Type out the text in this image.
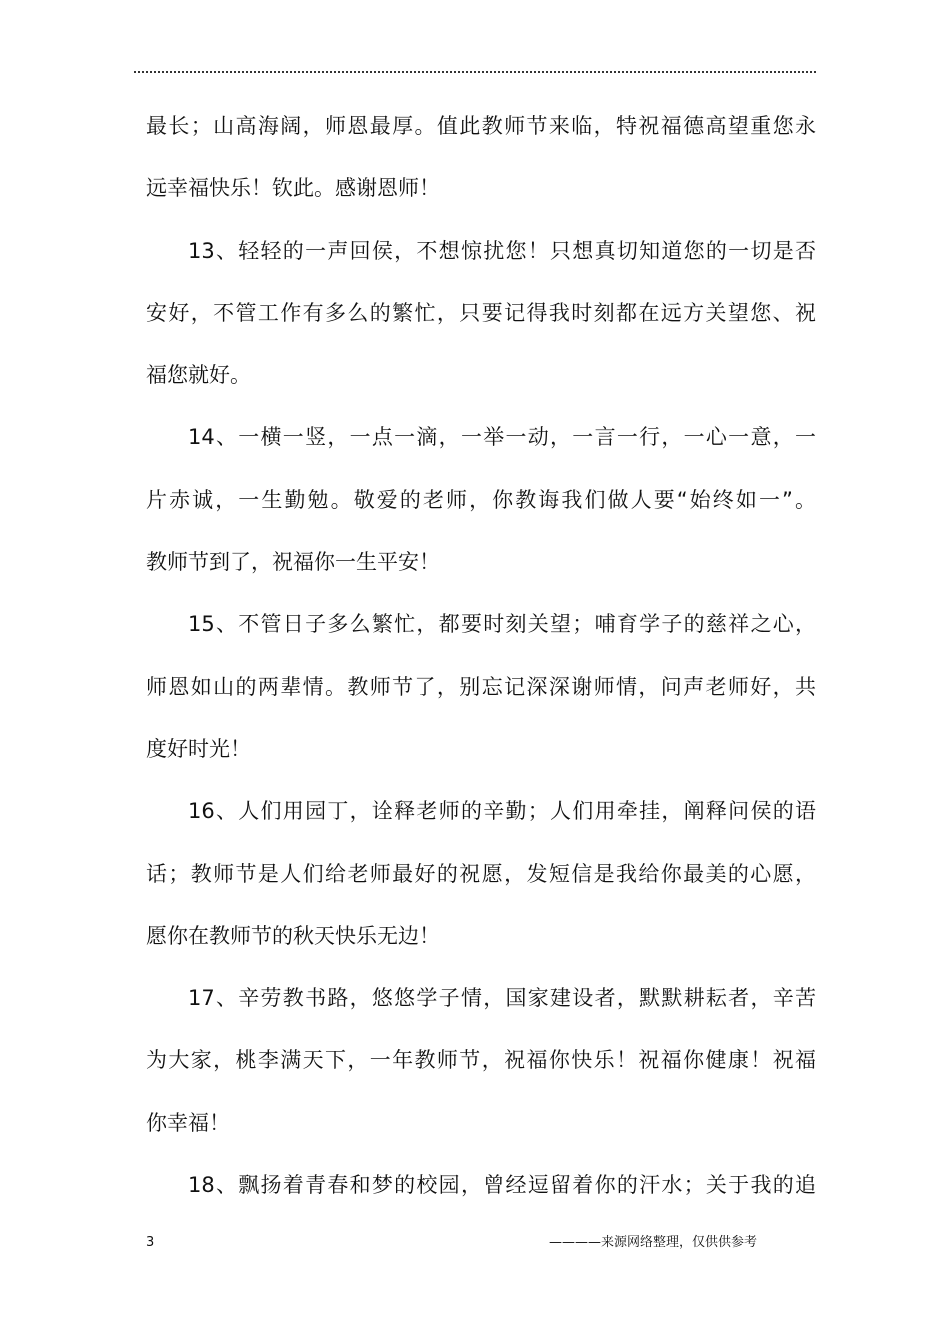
最长；山高海阔，师恩最厚。值此教师节来临，特祝福德高望重您永
远幸福快乐！钦此。感谢恩师！
13、轻轻的一声回侯，不想惊扰您！只想真切知道您的一切是否
安好，不管工作有多么的繁忙，只要记得我时刻都在远方关望您、祝
福您就好。
14、一横一竖，一点一滴，一举一动，一言一行，一心一意，一
片赤诚，一生勤勉。敬爱的老师，你教诲我们做人要“始终如一”。
教师节到了，祝福你一生平安！
15、不管日子多么繁忙，都要时刻关望；哺育学子的慈祥之心，
师恩如山的两辈情。教师节了，别忘记深深谢师情，问声老师好，共
度好时光！
16、人们用园丁，诠释老师的辛勤；人们用牵挂，阐释问侯的语
话；教师节是人们给老师最好的祝愿，发短信是我给你最美的心愿，
愿你在教师节的秋天快乐无边！
17、辛劳教书路，悠悠学子情，国家建设者，默默耕耘者，辛苦
为大家，桃李满天下，一年教师节，祝福你快乐！祝福你健康！祝福
你幸福！
18、飘扬着青春和梦的校园，曾经逗留着你的汗水；关于我的追
3	————来源网络整理，仅供供参考
